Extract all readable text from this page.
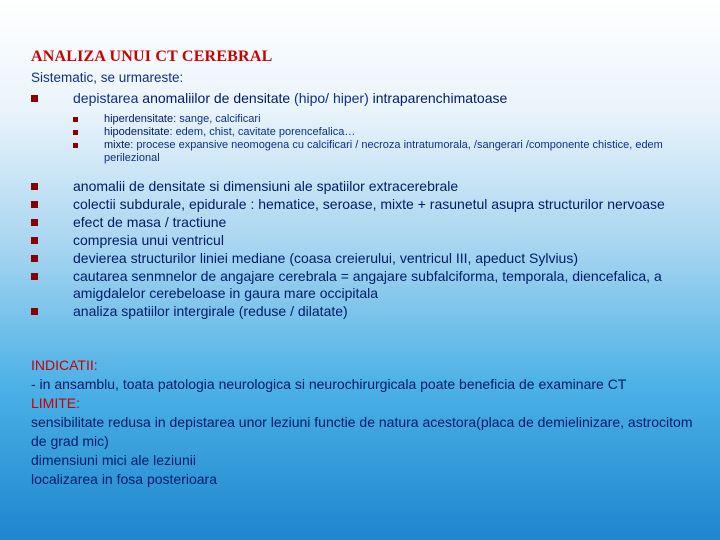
ANALIZA UNUI CT CEREBRAL
Sistematic, se urmareste:
depistarea anomaliilor de densitate (hipo/ hiper) intraparenchimatoase
hiperdensitate: sange, calcificari
hipodensitate: edem, chist, cavitate porencefalica…
mixte: procese expansive neomogena cu calcificari / necroza intratumorala, /sangerari /componente chistice, edem perilezional
anomalii de densitate si dimensiuni ale spatiilor extracerebrale
colectii subdurale, epidurale : hematice, seroase, mixte + rasunetul asupra structurilor nervoase
efect de masa / tractiune
compresia unui ventricul
devierea structurilor liniei mediane (coasa creierului, ventricul III, apeduct Sylvius)
cautarea senmnelor de angajare cerebrala = angajare subfalciforma, temporala, diencefalica, a amigdalelor cerebeloase in gaura mare occipitala
analiza spatiilor intergirale (reduse / dilatate)
INDICATII:
- in ansamblu, toata patologia neurologica si neurochirurgicala poate beneficia de examinare CT
LIMITE:
sensibilitate redusa in depistarea unor leziuni functie de natura acestora(placa de demielinizare, astrocitom de grad mic)
dimensiuni mici ale leziunii
localizarea in fosa posterioara
